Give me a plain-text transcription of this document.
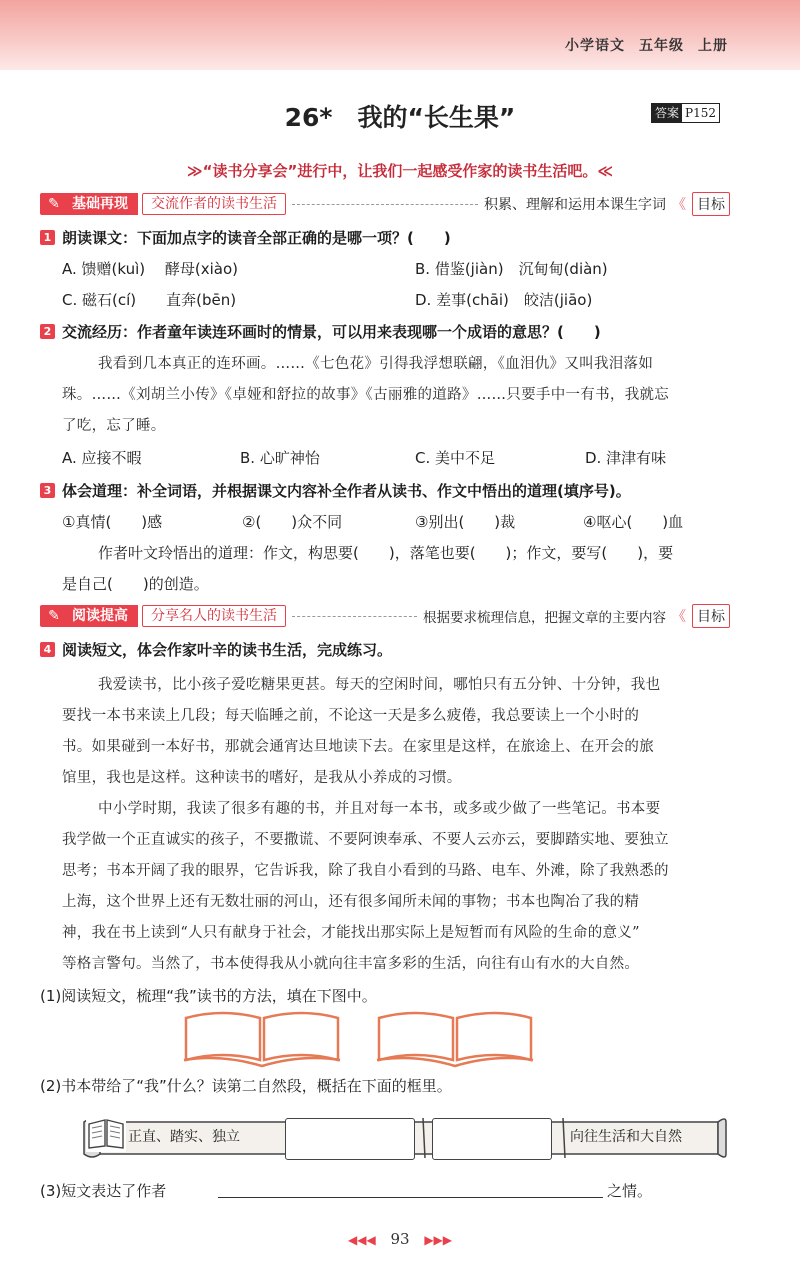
小学语文 五年级 上册
26*　我的“长生果”	答案 P152
≫“读书分享会”进行中，让我们一起感受作家的读书生活吧。≪
✎ 基础再现	交流作者的读书生活	积累、理解和运用本课生字词 《 目标
1 朗读课文：下面加点字的读音全部正确的是哪一项？(　　)
A. 馈赠(kuì)　 酵母(xiào)	B. 借鉴(jiàn)　沉甸甸(diàn)
C. 磁石(cí)　　直奔(bēn)	D. 差事(chāi)　皎洁(jiāo)
2 交流经历：作者童年读连环画时的情景，可以用来表现哪一个成语的意思？(　　)
我看到几本真正的连环画。……《七色花》引得我浮想联翩，《血泪仇》又叫我泪落如
珠。……《刘胡兰小传》《卓娅和舒拉的故事》《古丽雅的道路》……只要手中一有书，我就忘
了吃，忘了睡。
A. 应接不暇	B. 心旷神怡	C. 美中不足	D. 津津有味
3 体会道理：补全词语，并根据课文内容补全作者从读书、作文中悟出的道理(填序号)。
①真情(　　)感	②(　　)众不同	③别出(　　)裁	④呕心(　　)血
作者叶文玲悟出的道理：作文，构思要(　　)，落笔也要(　　)；作文，要写(　　)，要
是自己(　　)的创造。
✎ 阅读提高	分享名人的读书生活	根据要求梳理信息，把握文章的主要内容 《 目标
4 阅读短文，体会作家叶辛的读书生活，完成练习。
我爱读书，比小孩子爱吃糖果更甚。每天的空闲时间，哪怕只有五分钟、十分钟，我也
要找一本书来读上几段；每天临睡之前，不论这一天是多么疲倦，我总要读上一个小时的
书。如果碰到一本好书，那就会通宵达旦地读下去。在家里是这样，在旅途上、在开会的旅
馆里，我也是这样。这种读书的嗜好，是我从小养成的习惯。
中小学时期，我读了很多有趣的书，并且对每一本书，或多或少做了一些笔记。书本要
我学做一个正直诚实的孩子，不要撒谎、不要阿谀奉承、不要人云亦云，要脚踏实地、要独立
思考；书本开阔了我的眼界，它告诉我，除了我自小看到的马路、电车、外滩，除了我熟悉的
上海，这个世界上还有无数壮丽的河山，还有很多闻所未闻的事物；书本也陶冶了我的精
神，我在书上读到“人只有献身于社会，才能找出那实际上是短暂而有风险的生命的意义”
等格言警句。当然了，书本使得我从小就向往丰富多彩的生活，向往有山有水的大自然。
(1)阅读短文，梳理“我”读书的方法，填在下图中。
(2)书本带给了“我”什么？读第二自然段，概括在下面的框里。
正直、踏实、独立	向往生活和大自然
(3)短文表达了作者	之情。
◀◀◀ 93 ▶▶▶
